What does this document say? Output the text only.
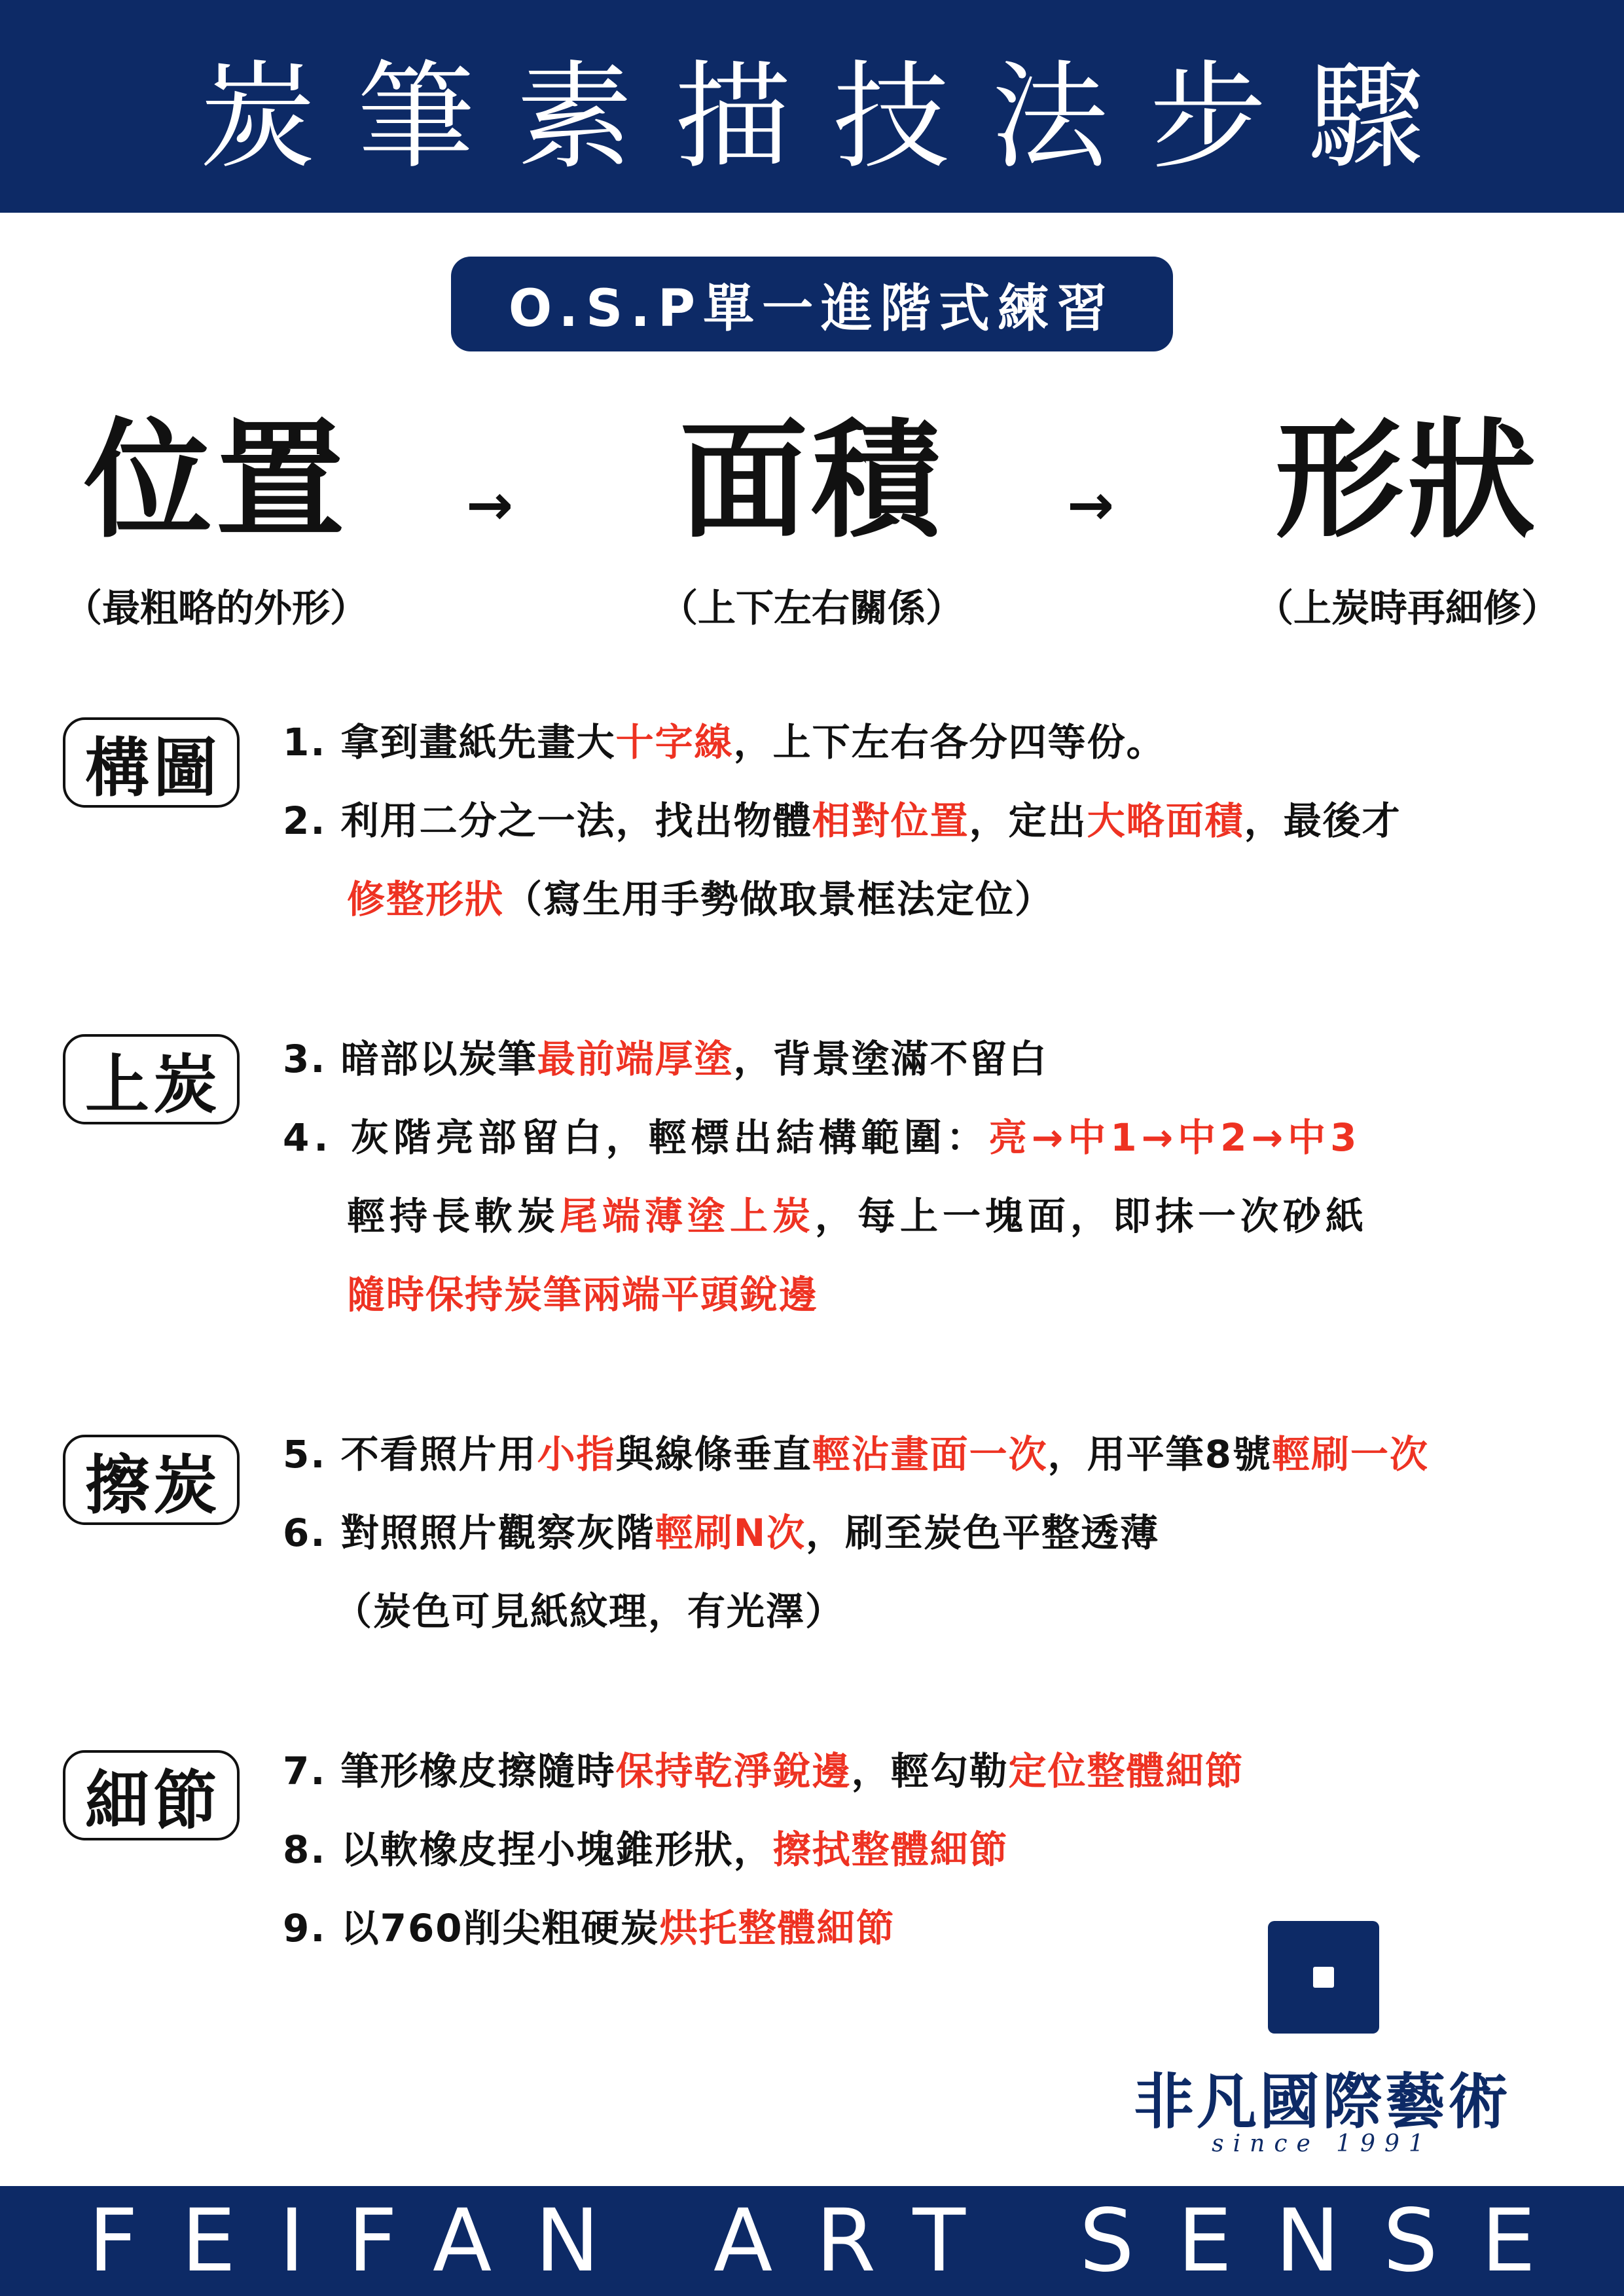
炭筆素描技法步驟
O.S.P單一進階式練習
位置
（最粗略的外形）
→	面積
（上下左右關係）
→	形狀
（上炭時再細修）
構圖	1. 拿到畫紙先畫大十字線，上下左右各分四等份。
2. 利用二分之一法，找出物體相對位置，定出大略面積，最後才
修整形狀（寫生用手勢做取景框法定位）
上炭	3. 暗部以炭筆最前端厚塗，背景塗滿不留白
4. 灰階亮部留白，輕標出結構範圍：亮→中1→中2→中3
輕持長軟炭尾端薄塗上炭，每上一塊面，即抹一次砂紙
隨時保持炭筆兩端平頭銳邊
擦炭	5. 不看照片用小指與線條垂直輕沾畫面一次，用平筆8號輕刷一次
6. 對照照片觀察灰階輕刷N次，刷至炭色平整透薄
（炭色可見紙紋理，有光澤）
細節	7. 筆形橡皮擦隨時保持乾淨銳邊，輕勾勒定位整體細節
8. 以軟橡皮捏小塊錐形狀，擦拭整體細節
9. 以760削尖粗硬炭烘托整體細節
非凡國際藝術
since 1991
FEIFAN ART SENSE
